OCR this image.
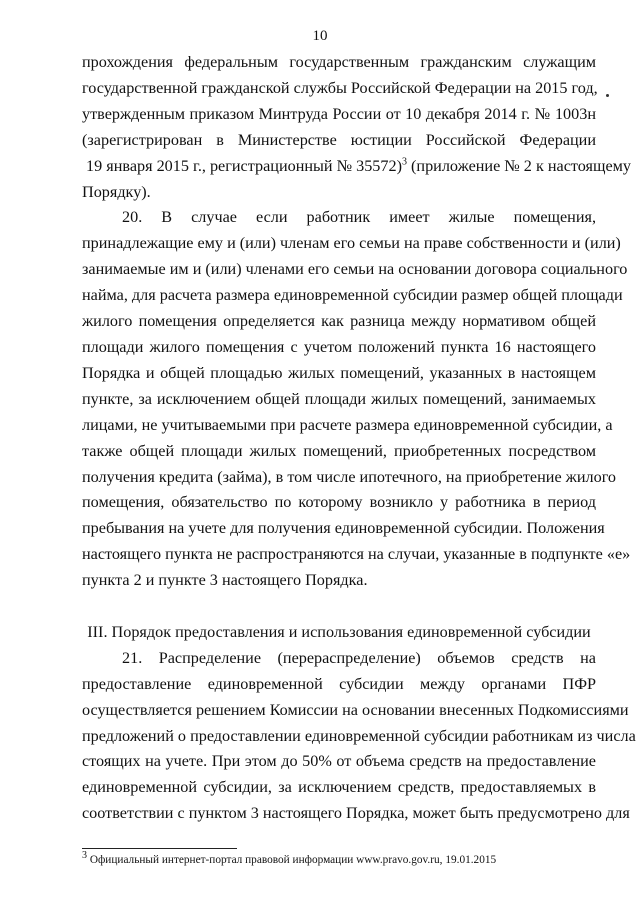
10
прохождения федеральным государственным гражданским служащим
государственной гражданской службы Российской Федерации на 2015 год,
утвержденным приказом Минтруда России от 10 декабря 2014 г. № 1003н
(зарегистрирован в Министерстве юстиции Российской Федерации
19 января 2015 г., регистрационный № 35572)$^3$ (приложение № 2 к настоящему
Порядку).
20. В случае если работник имеет жилые помещения,
принадлежащие ему и (или) членам его семьи на праве собственности и (или)
занимаемые им и (или) членами его семьи на основании договора социального
найма, для расчета размера единовременной субсидии размер общей площади
жилого помещения определяется как разница между нормативом общей
площади жилого помещения с учетом положений пункта 16 настоящего
Порядка и общей площадью жилых помещений, указанных в настоящем
пункте, за исключением общей площади жилых помещений, занимаемых
лицами, не учитываемыми при расчете размера единовременной субсидии, а
также общей площади жилых помещений, приобретенных посредством
получения кредита (займа), в том числе ипотечного, на приобретение жилого
помещения, обязательство по которому возникло у работника в период
пребывания на учете для получения единовременной субсидии. Положения
настоящего пункта не распространяются на случаи, указанные в подпункте «е»
пункта 2 и пункте 3 настоящего Порядка.
III. Порядок предоставления и использования единовременной субсидии
21. Распределение (перераспределение) объемов средств на
предоставление единовременной субсидии между органами ПФР
осуществляется решением Комиссии на основании внесенных Подкомиссиями
предложений о предоставлении единовременной субсидии работникам из числа
стоящих на учете. При этом до 50% от объема средств на предоставление
единовременной субсидии, за исключением средств, предоставляемых в
соответствии с пунктом 3 настоящего Порядка, может быть предусмотрено для
$^3$ Официальный интернет-портал правовой информации www.pravo.gov.ru, 19.01.2015
